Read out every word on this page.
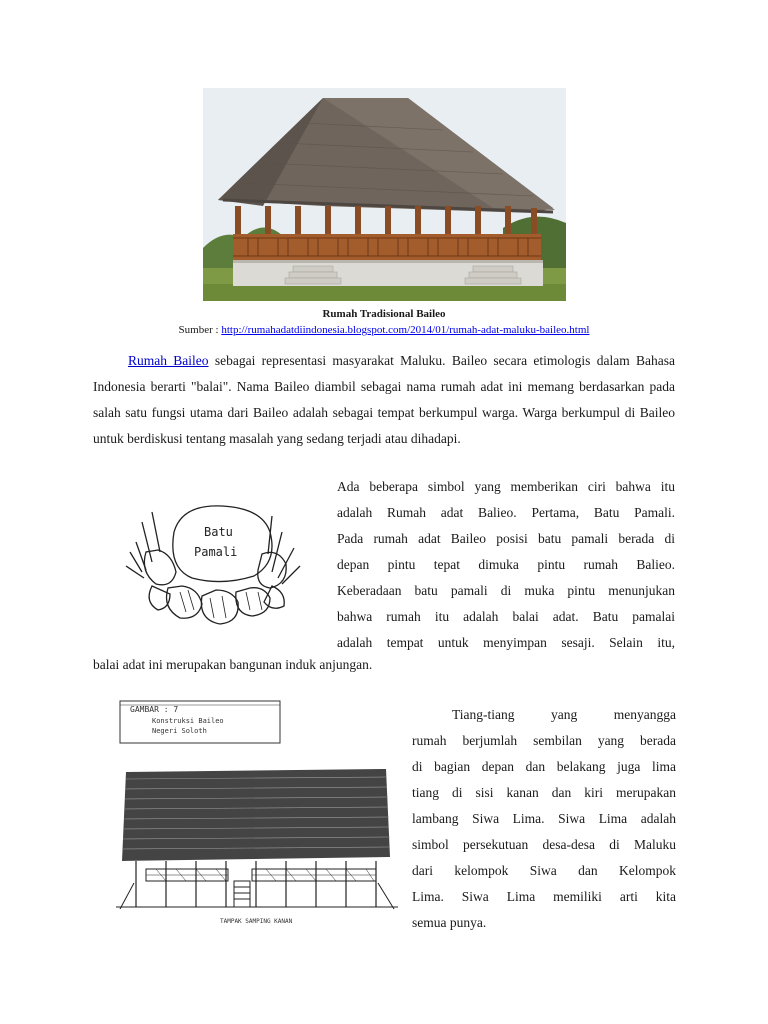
Rumah Tradisional Baileo
Sumber : http://rumahadatdiindonesia.blogspot.com/2014/01/rumah-adat-maluku-baileo.html
Rumah Baileo sebagai representasi masyarakat Maluku. Baileo secara etimologis dalam Bahasa Indonesia berarti "balai". Nama Baileo diambil sebagai nama rumah adat ini memang berdasarkan pada salah satu fungsi utama dari Baileo adalah sebagai tempat berkumpul warga. Warga berkumpul di Baileo untuk berdiskusi tentang masalah yang sedang terjadi atau dihadapi.
Batu
Pamali
Ada beberapa simbol yang memberikan ciri bahwa itu
adalah Rumah adat Balieo. Pertama, Batu Pamali.
Pada rumah adat Baileo posisi batu pamali berada di
depan pintu tepat dimuka pintu rumah Balieo.
Keberadaan batu pamali di muka pintu menunjukan
bahwa rumah itu adalah balai adat. Batu pamalai
adalah tempat untuk menyimpan sesaji. Selain itu,
balai adat ini merupakan bangunan induk anjungan.
GAMBAR : 7
Konstruksi Baileo
Negeri Soloth
TAMPAK SAMPING KANAN
Tiang-tiang yang menyangga
rumah berjumlah sembilan yang berada
di bagian depan dan belakang juga lima
tiang di sisi kanan dan kiri merupakan
lambang Siwa Lima. Siwa Lima adalah
simbol persekutuan desa-desa di Maluku
dari kelompok Siwa dan Kelompok
Lima. Siwa Lima memiliki arti kita
semua punya.
